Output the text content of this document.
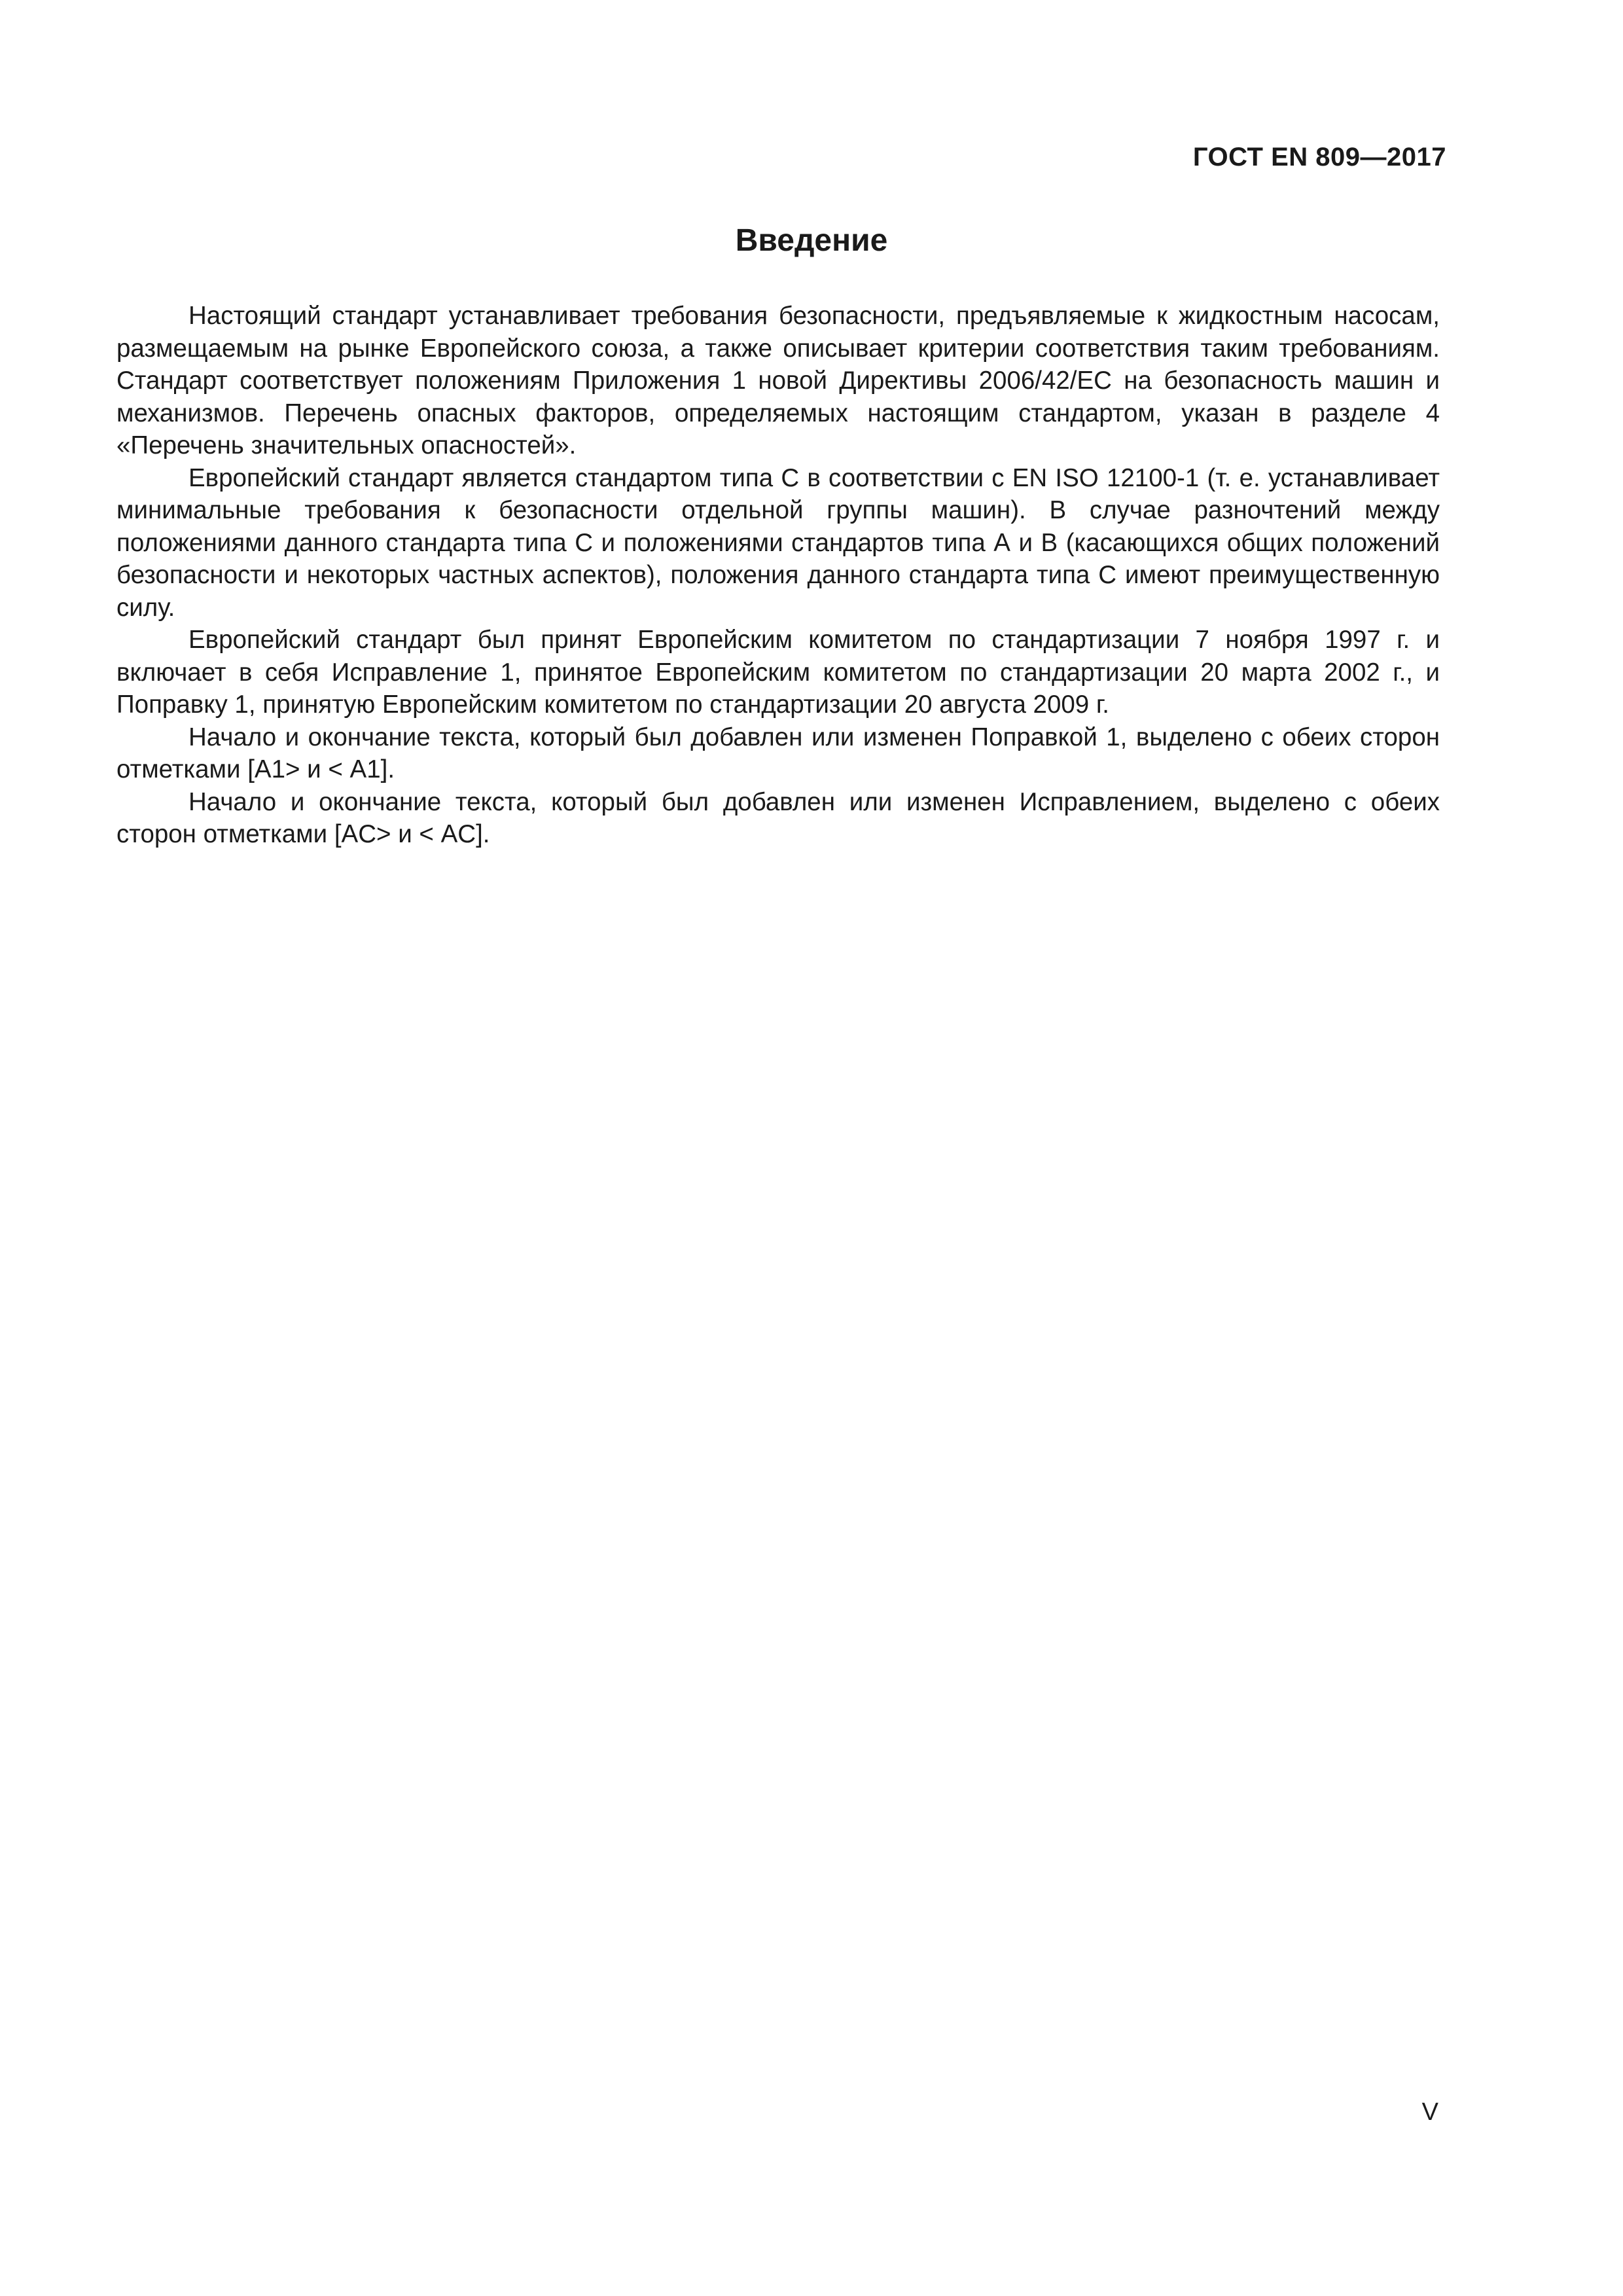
ГОСТ EN 809—2017
Введение

Настоящий стандарт устанавливает требования безопасности, предъявляемые к жидкостным насосам, размещаемым на рынке Европейского союза, а также описывает критерии соответствия таким требованиям. Стандарт соответствует положениям Приложения 1 новой Директивы 2006/42/ЕС на безопасность машин и механизмов. Перечень опасных факторов, определяемых настоящим стандартом, указан в разделе 4 «Перечень значительных опасностей».

Европейский стандарт является стандартом типа С в соответствии с EN ISO 12100-1 (т. е. устанавливает минимальные требования к безопасности отдельной группы машин). В случае разночтений между положениями данного стандарта типа С и положениями стандартов типа А и В (касающихся общих положений безопасности и некоторых частных аспектов), положения данного стандарта типа С имеют преимущественную силу.

Европейский стандарт был принят Европейским комитетом по стандартизации 7 ноября 1997 г. и включает в себя Исправление 1, принятое Европейским комитетом по стандартизации 20 марта 2002 г., и Поправку 1, принятую Европейским комитетом по стандартизации 20 августа 2009 г.

Начало и окончание текста, который был добавлен или изменен Поправкой 1, выделено с обеих сторон отметками [A1> и < A1].

Начало и окончание текста, который был добавлен или изменен Исправлением, выделено с обеих сторон отметками [AC> и < AC].

V
